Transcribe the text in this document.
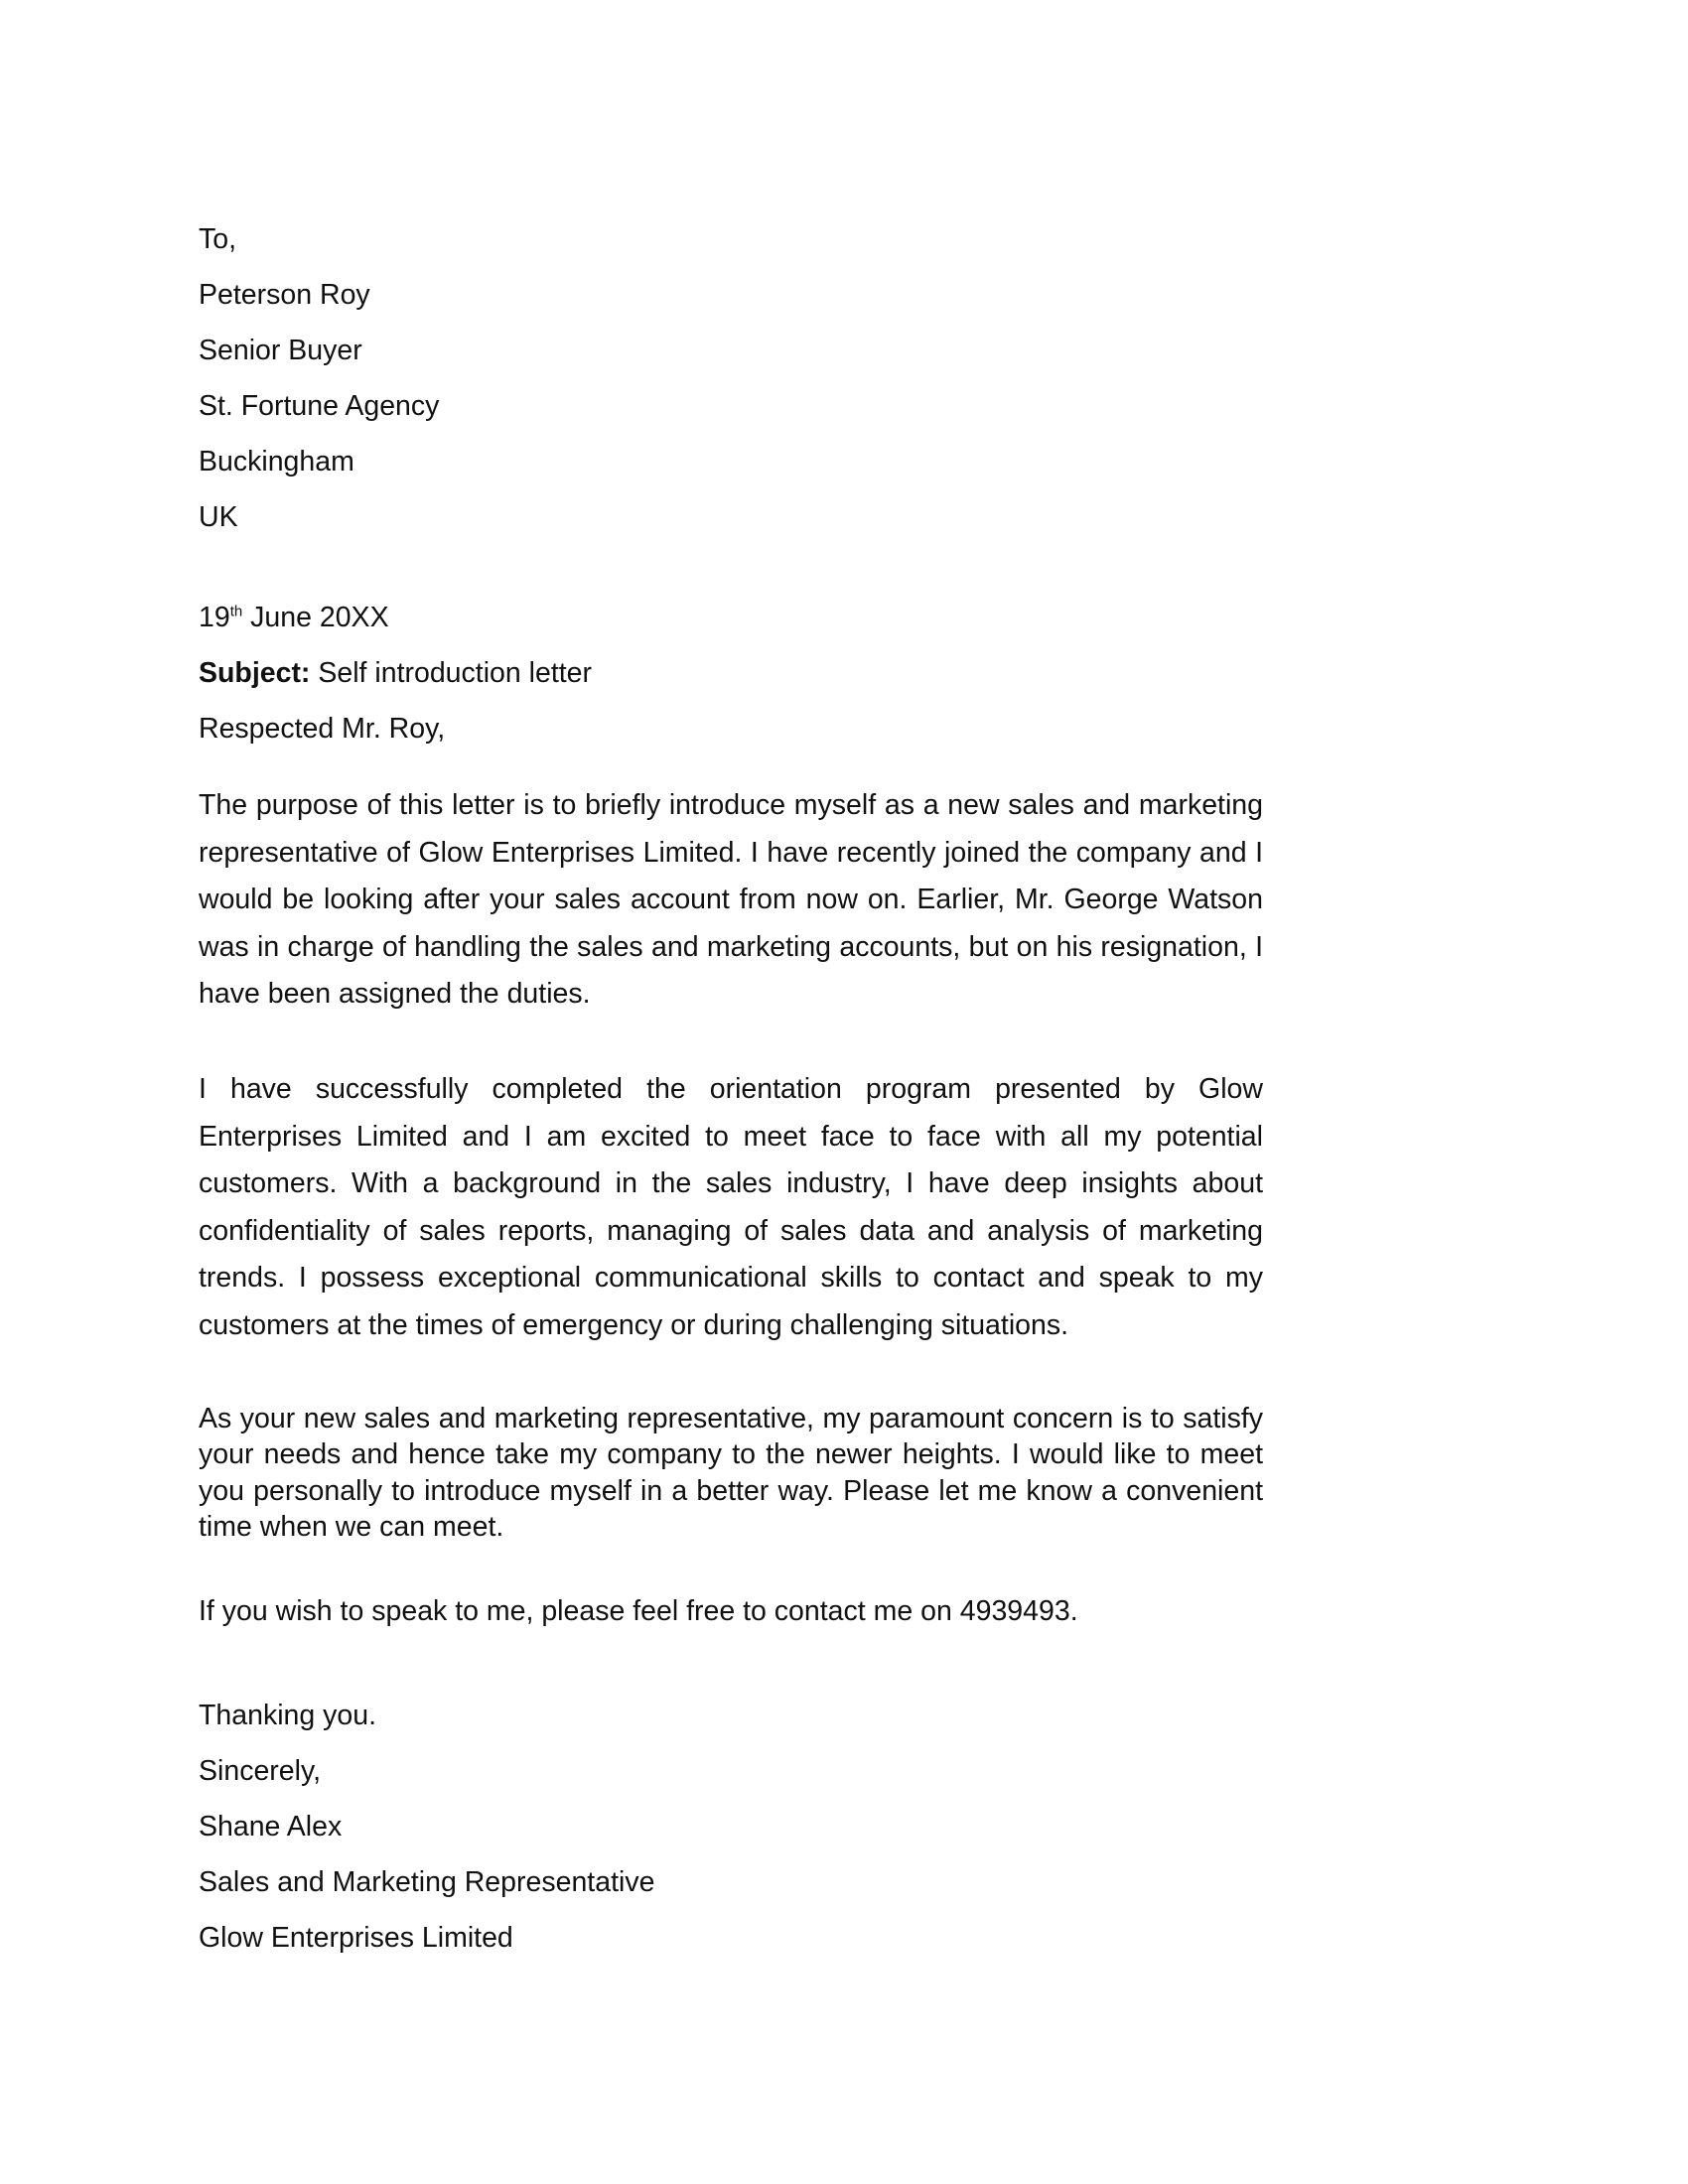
To,
Peterson Roy
Senior Buyer
St. Fortune Agency
Buckingham
UK
19th June 20XX
Subject: Self introduction letter
Respected Mr. Roy,
The purpose of this letter is to briefly introduce myself as a new sales and marketing representative of Glow Enterprises Limited. I have recently joined the company and I would be looking after your sales account from now on. Earlier, Mr. George Watson was in charge of handling the sales and marketing accounts, but on his resignation, I have been assigned the duties.
I have successfully completed the orientation program presented by Glow Enterprises Limited and I am excited to meet face to face with all my potential customers. With a background in the sales industry, I have deep insights about confidentiality of sales reports, managing of sales data and analysis of marketing trends. I possess exceptional communicational skills to contact and speak to my customers at the times of emergency or during challenging situations.
As your new sales and marketing representative, my paramount concern is to satisfy your needs and hence take my company to the newer heights. I would like to meet you personally to introduce myself in a better way. Please let me know a convenient time when we can meet.
If you wish to speak to me, please feel free to contact me on 4939493.
Thanking you.
Sincerely,
Shane Alex
Sales and Marketing Representative
Glow Enterprises Limited
